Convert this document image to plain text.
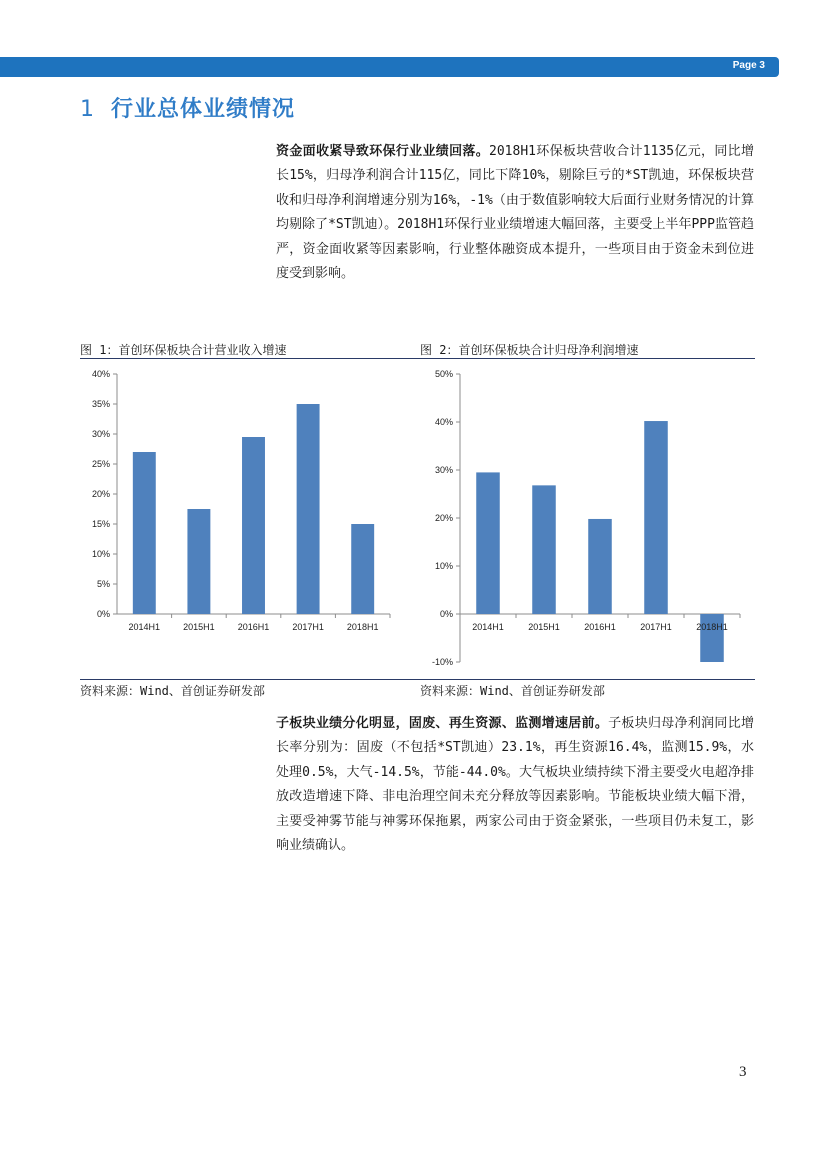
Page 3
1 行业总体业绩情况
资金面收紧导致环保行业业绩回落。2018H1环保板块营收合计1135亿元，同比增长15%，归母净利润合计115亿，同比下降10%，剔除巨亏的*ST凯迪，环保板块营收和归母净利润增速分别为16%，-1%（由于数值影响较大后面行业财务情况的计算均剔除了*ST凯迪）。2018H1环保行业业绩增速大幅回落，主要受上半年PPP监管趋严，资金面收紧等因素影响，行业整体融资成本提升，一些项目由于资金未到位进度受到影响。
图 1：首创环保板块合计营业收入增速	图 2：首创环保板块合计归母净利润增速
0%
5%
10%
15%
20%
25%
30%
35%
40%
2014H1	2015H1	2016H1	2017H1	2018H1
-10%
0%
10%
20%
30%
40%
50%
2014H1	2015H1	2016H1	2017H1	2018H1
资料来源：Wind、首创证券研发部	资料来源：Wind、首创证券研发部
子板块业绩分化明显，固废、再生资源、监测增速居前。子板块归母净利润同比增长率分别为：固废（不包括*ST凯迪）23.1%，再生资源16.4%，监测15.9%，水处理0.5%，大气-14.5%，节能-44.0%。大气板块业绩持续下滑主要受火电超净排放改造增速下降、非电治理空间未充分释放等因素影响。节能板块业绩大幅下滑，主要受神雾节能与神雾环保拖累，两家公司由于资金紧张，一些项目仍未复工，影响业绩确认。
3
